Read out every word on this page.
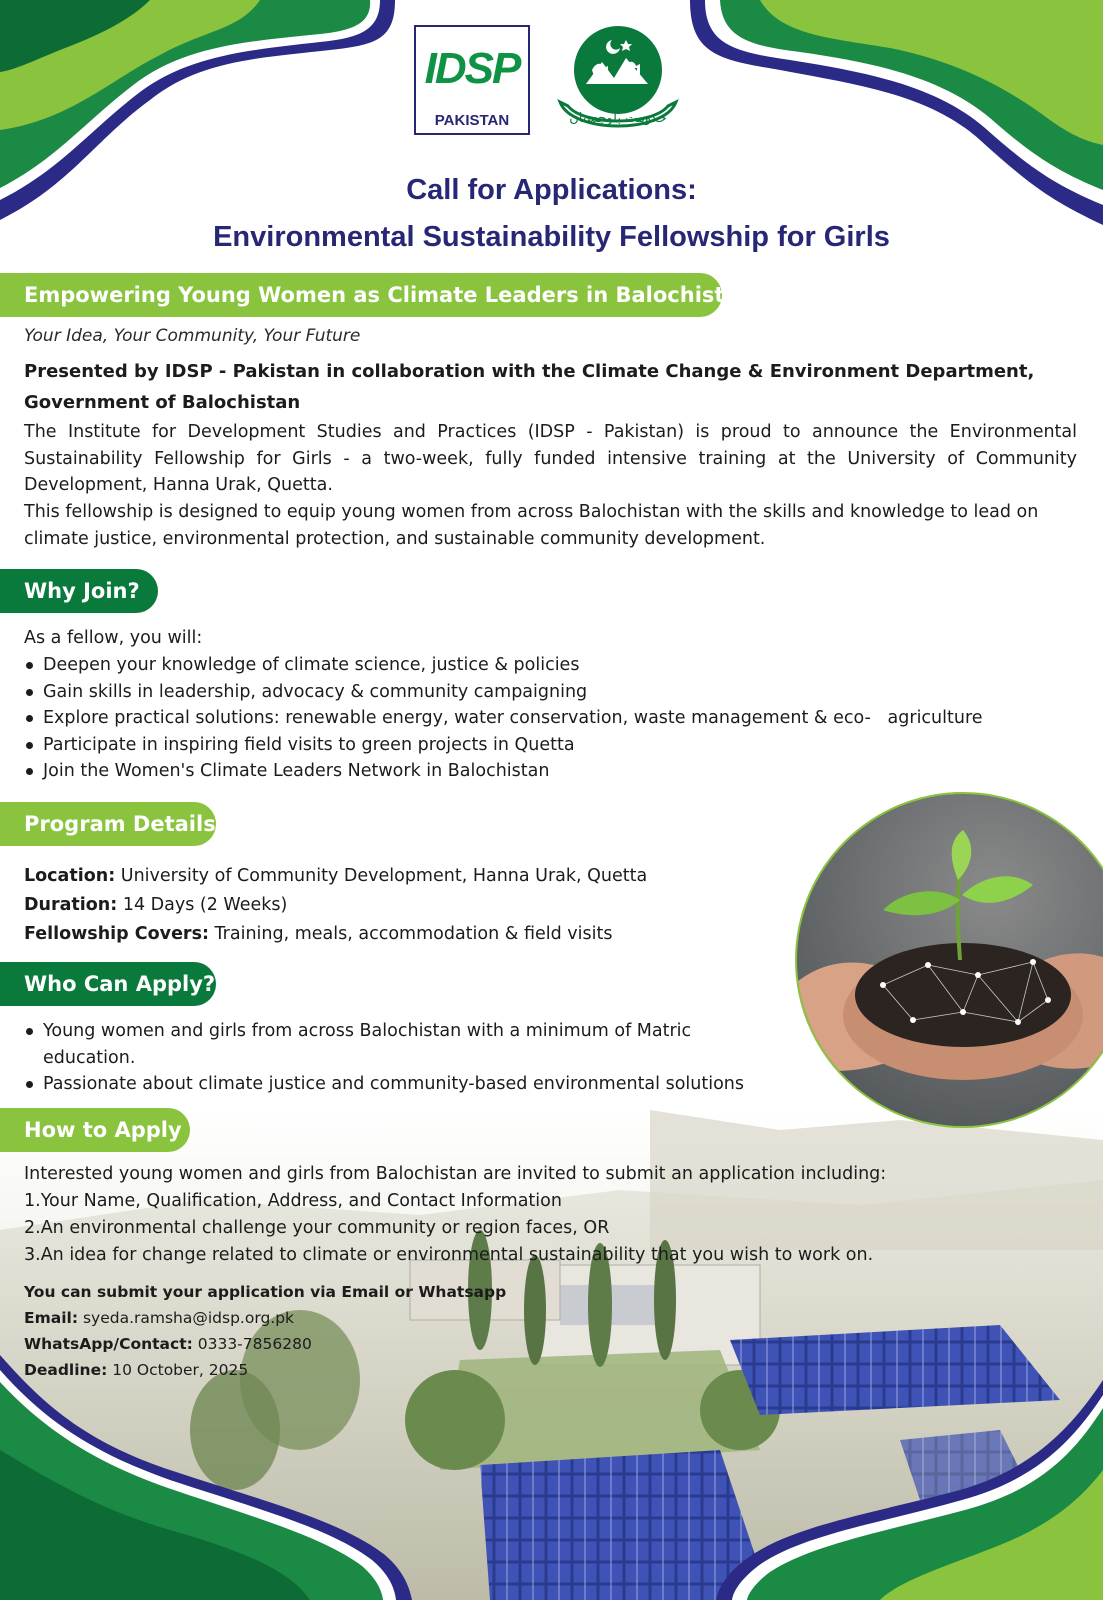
IDSP
PAKISTAN	حکومت بلوچستان
Call for Applications:
Environmental Sustainability Fellowship for Girls
Empowering Young Women as Climate Leaders in Balochistan
Your Idea, Your Community, Your Future
Presented by IDSP - Pakistan in collaboration with the Climate Change & Environment Department,
Government of Balochistan
The Institute for Development Studies and Practices (IDSP - Pakistan) is proud to announce the Environmental Sustainability Fellowship for Girls - a two-week, fully funded intensive training at the University of Community Development, Hanna Urak, Quetta.
This fellowship is designed to equip young women from across Balochistan with the skills and knowledge to lead on climate justice, environmental protection, and sustainable community development.
Why Join?
As a fellow, you will:
Deepen your knowledge of climate science, justice & policies
Gain skills in leadership, advocacy & community campaigning
Explore practical solutions: renewable energy, water conservation, waste management & eco-   agriculture
Participate in inspiring field visits to green projects in Quetta
Join the Women's Climate Leaders Network in Balochistan
Program Details
Location: University of Community Development, Hanna Urak, Quetta
Duration: 14 Days (2 Weeks)
Fellowship Covers: Training, meals, accommodation & field visits
Who Can Apply?
Young women and girls from across Balochistan with a minimum of Matric education.
Passionate about climate justice and community-based environmental solutions
How to Apply
Interested young women and girls from Balochistan are invited to submit an application including:
1.Your Name, Qualification, Address, and Contact Information
2.An environmental challenge your community or region faces, OR
3.An idea for change related to climate or environmental sustainability that you wish to work on.
You can submit your application via Email or Whatsapp
Email: syeda.ramsha@idsp.org.pk
WhatsApp/Contact: 0333-7856280
Deadline: 10 October, 2025
